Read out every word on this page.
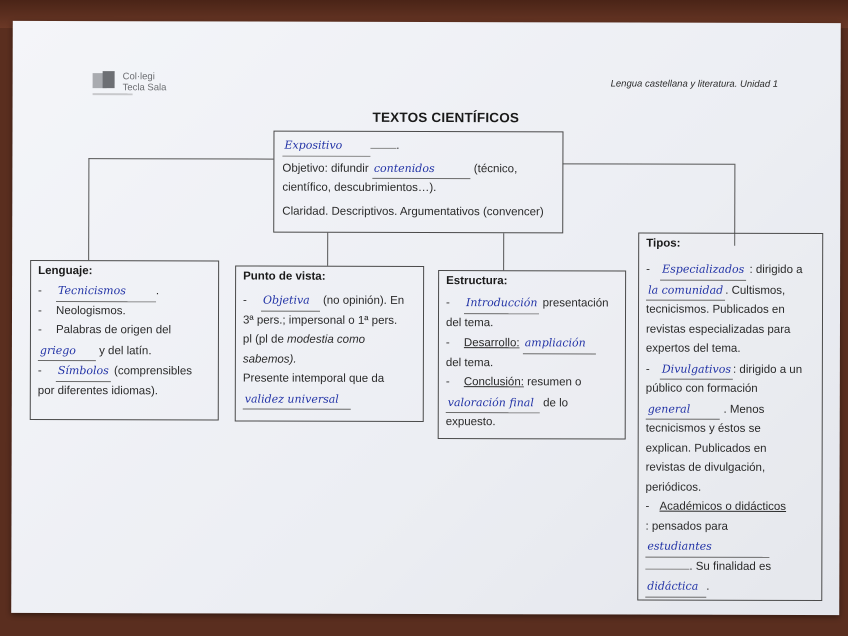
Col·legi
Tecla Sala	Lengua castellana y literatura. Unidad 1
TEXTOS CIENTÍFICOS
Expositivo	.
Objetivo: difundir contenidos	(técnico,
científico, descubrimientos…).
Claridad. Descriptivos. Argumentativos (convencer)
Lenguaje:
- Tecnicismos	.
- Neologismos.
- Palabras de origen del
griego y del latín.
- Símbolos (comprensibles
por diferentes idiomas).
Punto de vista:
- Objetiva (no opinión). En
3ª pers.; impersonal o 1ª pers.
pl (pl de modestia como
sabemos).
Presente intemporal que da
validez universal
Estructura:
- Introducción presentación
del tema.
- Desarrollo: ampliación
del tema.
- Conclusión: resumen o
valoración final de lo
expuesto.
Tipos:
- Especializados : dirigido a
la comunidad . Cultismos,
tecnicismos. Publicados en
revistas especializadas para
expertos del tema.
- Divulgativos : dirigido a un
público con formación
general	. Menos
tecnicismos y éstos se
explican. Publicados en
revistas de divulgación,
periódicos.
- Académicos o didácticos
: pensados para
estudiantes
. Su finalidad es
didáctica .
